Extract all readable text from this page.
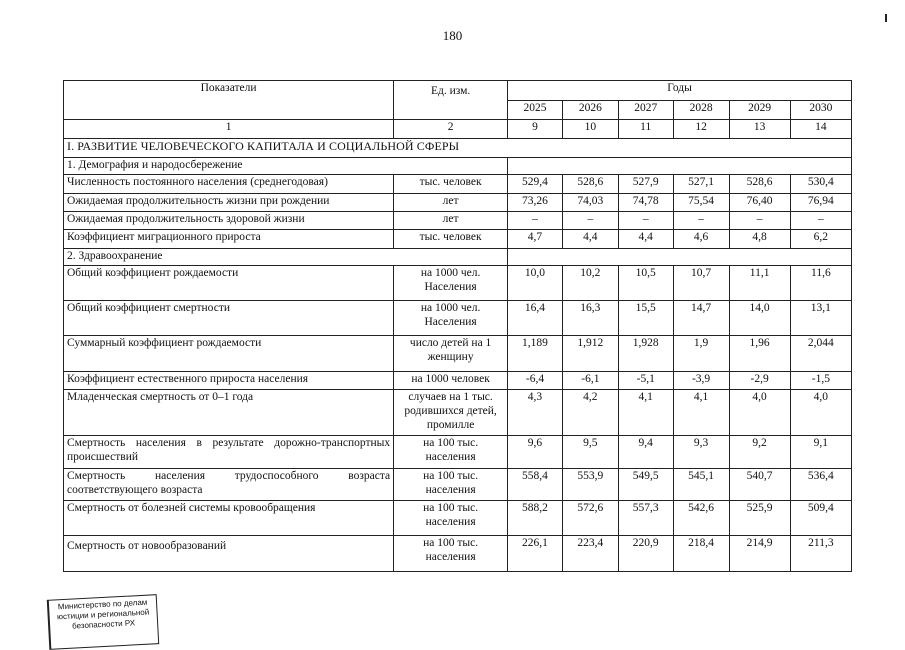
180
Показатели	Ед. изм.	Годы					
		2025	2026	2027	2028	2029	2030
1	2	9	10	11	12	13	14
I. РАЗВИТИЕ ЧЕЛОВЕЧЕСКОГО КАПИТАЛА И СОЦИАЛЬНОЙ СФЕРЫ							
1. Демография и народосбережение							
Численность постоянного населения (среднегодовая)	тыс. человек	529,4	528,6	527,9	527,1	528,6	530,4
Ожидаемая продолжительность жизни при рождении	лет	73,26	74,03	74,78	75,54	76,40	76,94
Ожидаемая продолжительность здоровой жизни	лет	–	–	–	–	–	–
Коэффициент миграционного прироста	тыс. человек	4,7	4,4	4,4	4,6	4,8	6,2
2. Здравоохранение							
Общий коэффициент рождаемости	на 1000 чел. Населения	10,0	10,2	10,5	10,7	11,1	11,6
Общий коэффициент смертности	на 1000 чел. Населения	16,4	16,3	15,5	14,7	14,0	13,1
Суммарный коэффициент рождаемости	число детей на 1 женщину	1,189	1,912	1,928	1,9	1,96	2,044
Коэффициент естественного прироста населения	на 1000 человек	-6,4	-6,1	-5,1	-3,9	-2,9	-1,5
Младенческая смертность от 0–1 года	случаев на 1 тыс. родившихся детей, промилле	4,3	4,2	4,1	4,1	4,0	4,0
Смертность населения в результате дорожно-транспортных происшествий	на 100 тыс. населения	9,6	9,5	9,4	9,3	9,2	9,1
Смертность населения трудоспособного возраста соответствующего возраста	на 100 тыс. населения	558,4	553,9	549,5	545,1	540,7	536,4
Смертность от болезней системы кровообращения	на 100 тыс. населения	588,2	572,6	557,3	542,6	525,9	509,4
Смертность от новообразований	на 100 тыс. населения	226,1	223,4	220,9	218,4	214,9	211,3
Министерство по делам юстиции и региональной безопасности РХ
